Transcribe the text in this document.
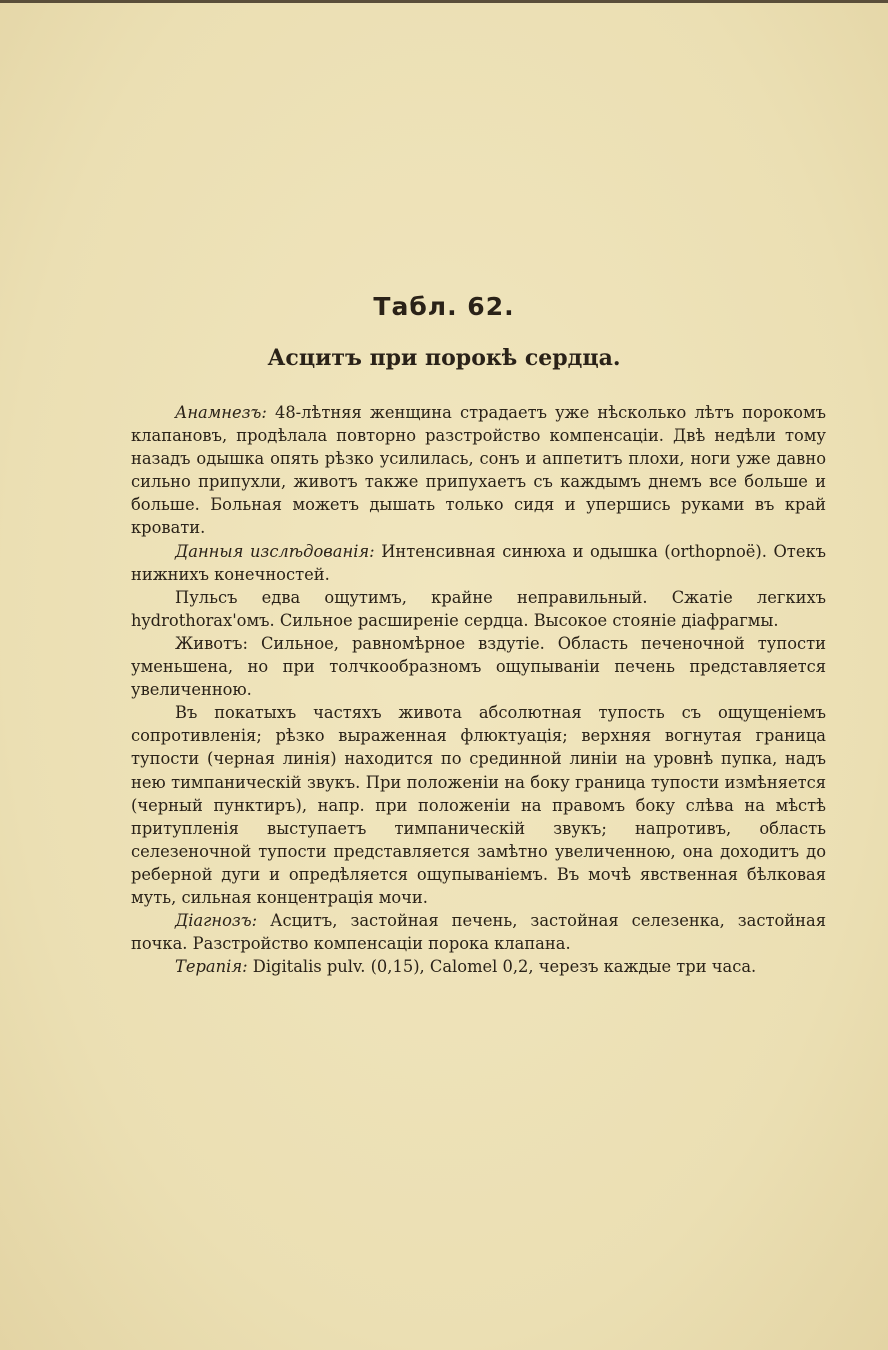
Табл. 62.
Асцитъ при порокѣ сердца.

Анамнезъ: 48-лѣтняя женщина страдаетъ уже нѣсколько лѣтъ порокомъ клапановъ, продѣлала повторно разстройство компенсаціи. Двѣ недѣли тому назадъ одышка опять рѣзко усилилась, сонъ и аппетитъ плохи, ноги уже давно сильно припухли, животъ также припухаетъ съ каждымъ днемъ все больше и больше. Больная можетъ дышать только сидя и упершись руками въ край кровати.

Данныя изслѣдованія: Интенсивная синюха и одышка (orthopnoë). Отекъ нижнихъ конечностей.

Пульсъ едва ощутимъ, крайне неправильный. Сжатіе легкихъ hydrothorax'омъ. Сильное расширеніе сердца. Высокое стояніе діафрагмы.

Животъ: Сильное, равномѣрное вздутіе. Область печеночной тупости уменьшена, но при толчкообразномъ ощупываніи печень представляется увеличенною.

Въ покатыхъ частяхъ живота абсолютная тупость съ ощущеніемъ сопротивленія; рѣзко выраженная флюктуація; верхняя вогнутая граница тупости (черная линія) находится по срединной линіи на уровнѣ пупка, надъ нею тимпаническій звукъ. При положеніи на боку граница тупости измѣняется (черный пунктиръ), напр. при положеніи на правомъ боку слѣва на мѣстѣ притупленія выступаетъ тимпаническій звукъ; напротивъ, область селезеночной тупости представляется замѣтно увеличенною, она доходитъ до реберной дуги и опредѣляется ощупываніемъ. Въ мочѣ явственная бѣлковая муть, сильная концентрація мочи.

Діагнозъ: Асцитъ, застойная печень, застойная селезенка, застойная почка. Разстройство компенсаціи порока клапана.

Терапія: Digitalis pulv. (0,15), Calomel 0,2, черезъ каждые три часа.
